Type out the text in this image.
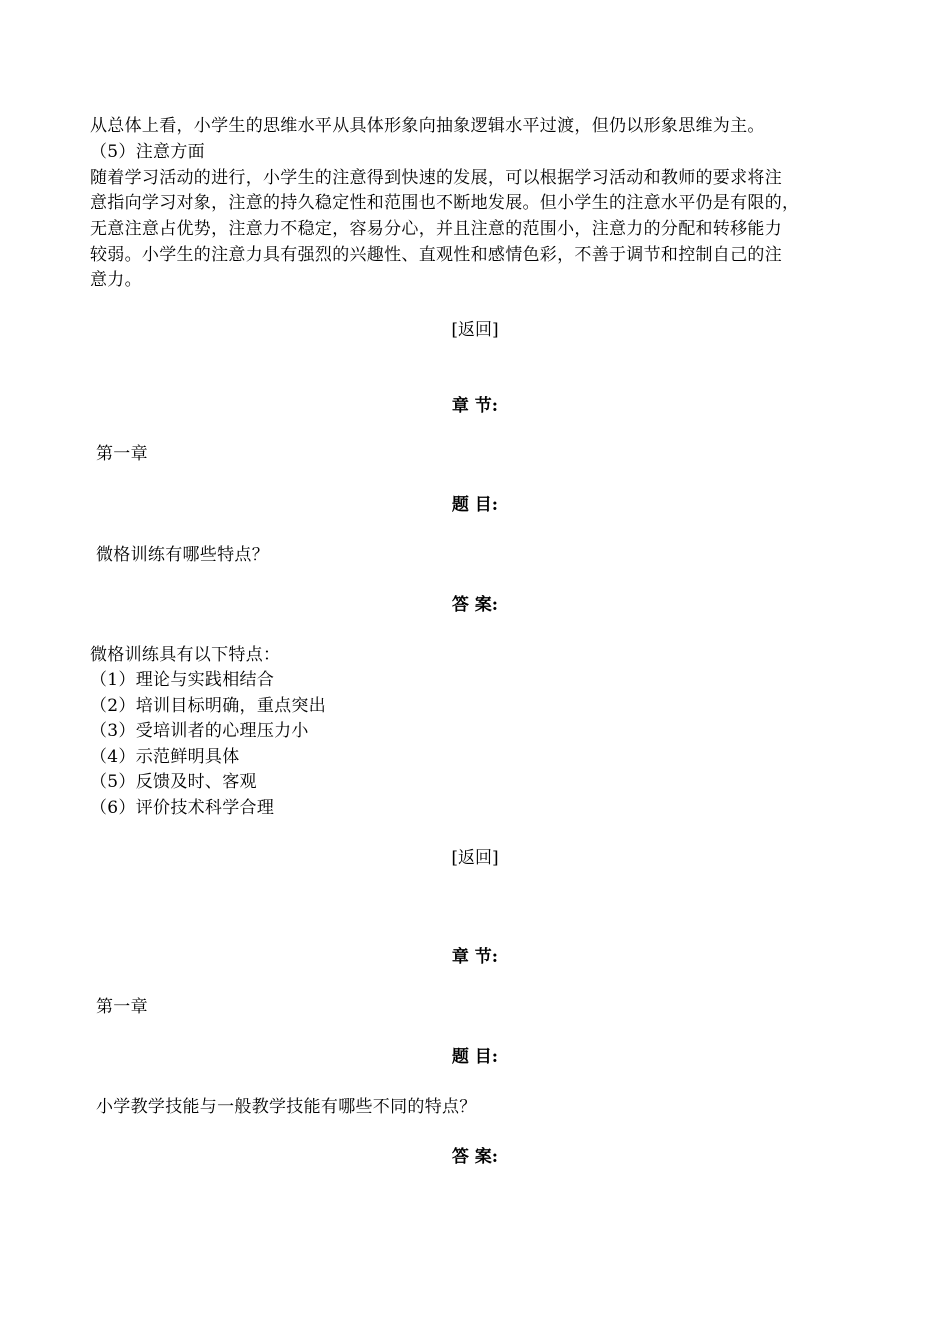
从总体上看，小学生的思维水平从具体形象向抽象逻辑水平过渡，但仍以形象思维为主。
（5）注意方面
随着学习活动的进行，小学生的注意得到快速的发展，可以根据学习活动和教师的要求将注
意指向学习对象，注意的持久稳定性和范围也不断地发展。但小学生的注意水平仍是有限的，
无意注意占优势，注意力不稳定，容易分心，并且注意的范围小，注意力的分配和转移能力
较弱。小学生的注意力具有强烈的兴趣性、直观性和感情色彩，不善于调节和控制自己的注
意力。
[返回]
章 节:
第一章
题 目:
微格训练有哪些特点？
答 案:
微格训练具有以下特点：
（1）理论与实践相结合
（2）培训目标明确，重点突出
（3）受培训者的心理压力小
（4）示范鲜明具体
（5）反馈及时、客观
（6）评价技术科学合理
[返回]
章 节:
第一章
题 目:
小学教学技能与一般教学技能有哪些不同的特点？
答 案:
